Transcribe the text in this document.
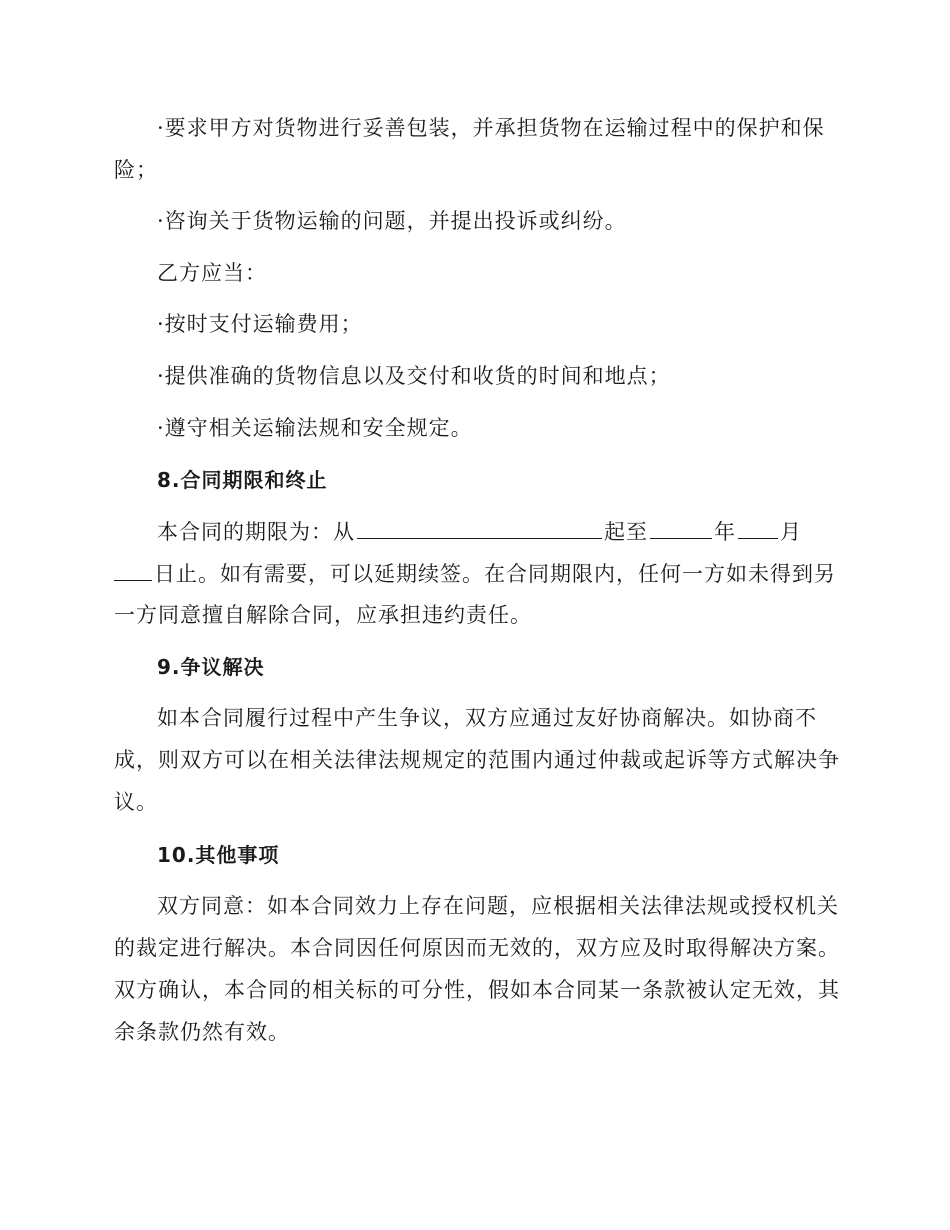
·要求甲方对货物进行妥善包装，并承担货物在运输过程中的保护和保
险；
·咨询关于货物运输的问题，并提出投诉或纠纷。
乙方应当：
·按时支付运输费用；
·提供准确的货物信息以及交付和收货的时间和地点；
·遵守相关运输法规和安全规定。
8.合同期限和终止
本合同的期限为：从	起至	年 月
日止。如有需要，可以延期续签。在合同期限内，任何一方如未得到另
一方同意擅自解除合同，应承担违约责任。
9.争议解决
如本合同履行过程中产生争议，双方应通过友好协商解决。如协商不
成，则双方可以在相关法律法规规定的范围内通过仲裁或起诉等方式解决争
议。
10.其他事项
双方同意：如本合同效力上存在问题，应根据相关法律法规或授权机关
的裁定进行解决。本合同因任何原因而无效的，双方应及时取得解决方案。
双方确认，本合同的相关标的可分性，假如本合同某一条款被认定无效，其
余条款仍然有效。
